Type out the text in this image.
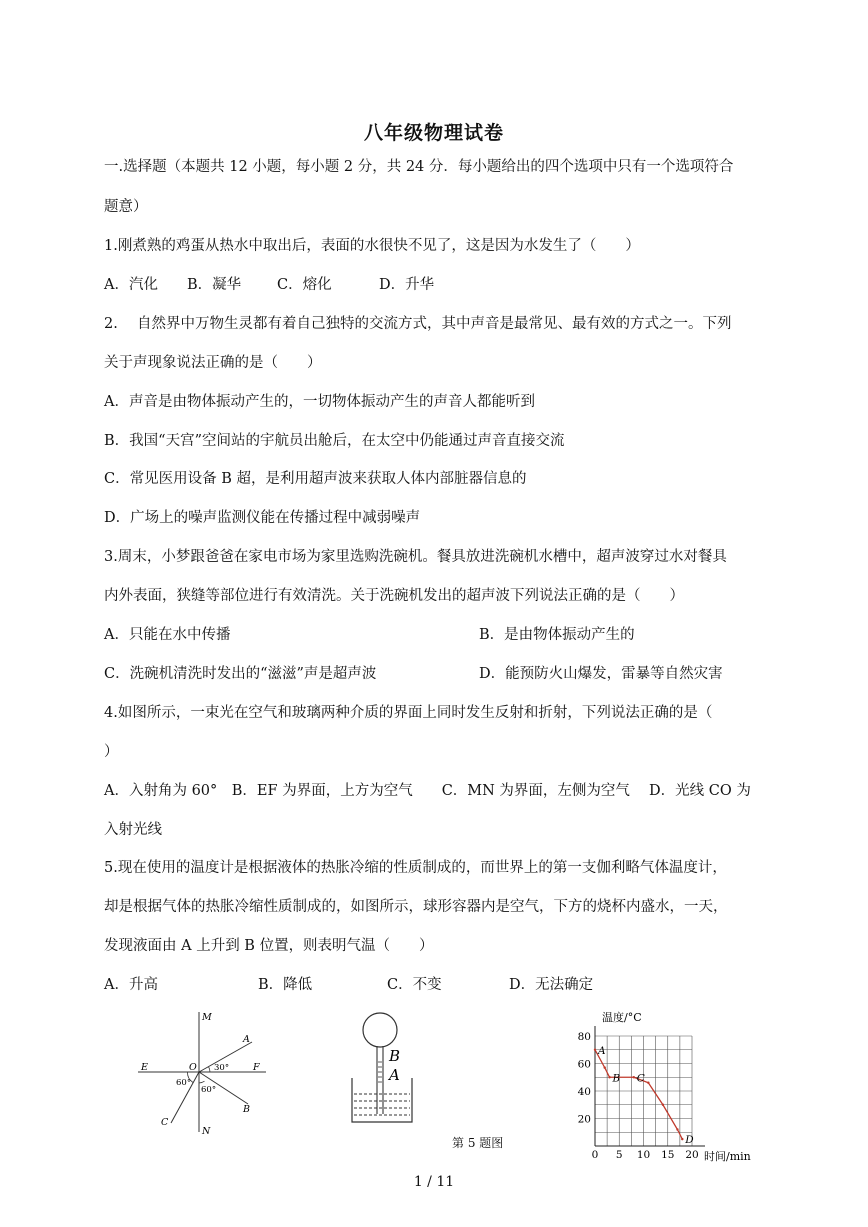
八年级物理试卷
一.选择题（本题共 12 小题，每小题 2 分，共 24 分．每小题给出的四个选项中只有一个选项符合
题意）
1.刚煮熟的鸡蛋从热水中取出后，表面的水很快不见了，这是因为水发生了（　　）
A．汽化 B．凝华 C．熔化	D．升华
2.　 自然界中万物生灵都有着自己独特的交流方式，其中声音是最常见、最有效的方式之一。下列
关于声现象说法正确的是（　　）
A．声音是由物体振动产生的，一切物体振动产生的声音人都能听到
B．我国“天宫”空间站的宇航员出舱后，在太空中仍能通过声音直接交流
C．常见医用设备 B 超，是利用超声波来获取人体内部脏器信息的
D．广场上的噪声监测仪能在传播过程中减弱噪声
3.周末，小梦跟爸爸在家电市场为家里选购洗碗机。餐具放进洗碗机水槽中，超声波穿过水对餐具
内外表面，狭缝等部位进行有效清洗。关于洗碗机发出的超声波下列说法正确的是（　　）
A．只能在水中传播	B．是由物体振动产生的
C．洗碗机清洗时发出的“滋滋”声是超声波	D．能预防火山爆发，雷暴等自然灾害
4.如图所示，一束光在空气和玻璃两种介质的界面上同时发生反射和折射，下列说法正确的是（
）
A．入射角为 60°　B．EF 为界面，上方为空气　　C．MN 为界面，左侧为空气　 D．光线 CO 为
入射光线
5.现在使用的温度计是根据液体的热胀冷缩的性质制成的，而世界上的第一支伽利略气体温度计，
却是根据气体的热胀冷缩性质制成的，如图所示，球形容器内是空气，下方的烧杯内盛水，一天，
发现液面由 A 上升到 B 位置，则表明气温（　　）
A．升高	B．降低	C．不变	D．无法确定
M
N
E	F
O
A
B
C
30°
60°
60°
B
A
第 5 题图
温度/°C
时间/min
0 5 10 15 20
20
40
60
80
A
B C
D
1 / 11
